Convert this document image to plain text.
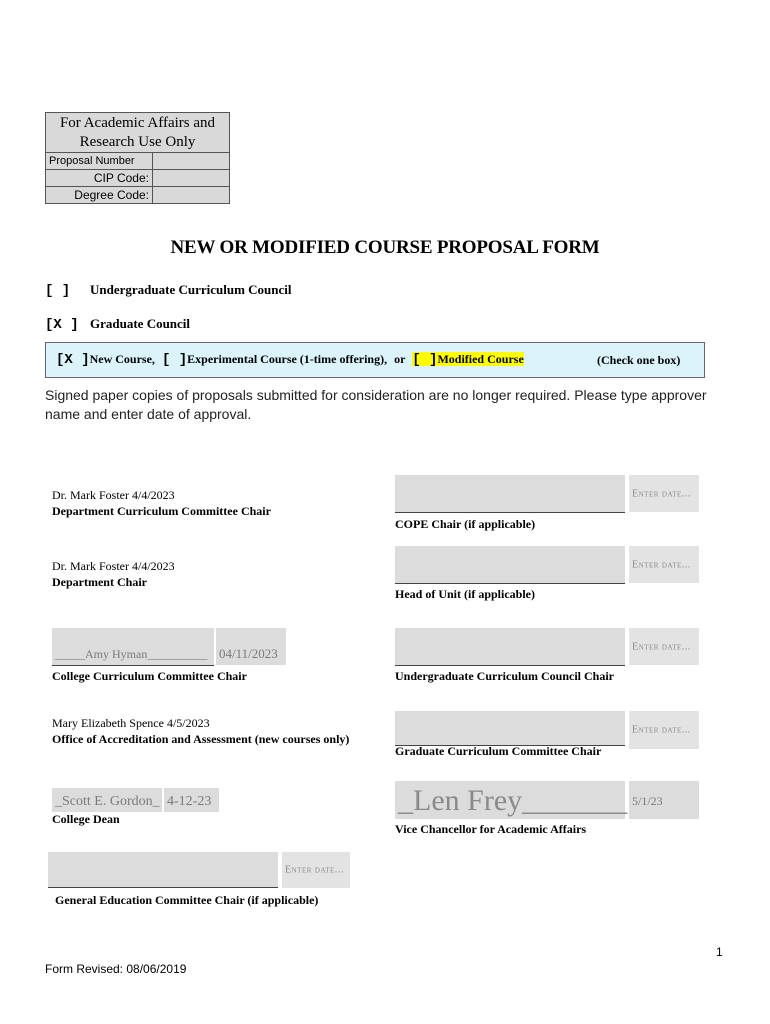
For Academic Affairs and Research Use Only	
Proposal Number	
CIP Code:	
Degree Code:	
NEW OR MODIFIED COURSE PROPOSAL FORM
[ ] Undergraduate Curriculum Council
[X ] Graduate Council
[X ]New Course, [ ]Experimental Course (1-time offering), or [ ]Modified Course	(Check one box)
Signed paper copies of proposals submitted for consideration are no longer required. Please type approver name and enter date of approval.
Dr. Mark Foster 4/4/2023
Department Curriculum Committee Chair
Dr. Mark Foster 4/4/2023
Department Chair
_____Amy Hyman__________ 04/11/2023
College Curriculum Committee Chair
Mary Elizabeth Spence 4/5/2023
Office of Accreditation and Assessment (new courses only)
_Scott E. Gordon_ 4-12-23
College Dean
Enter date...
General Education Committee Chair (if applicable)
Enter date...
COPE Chair (if applicable)
Enter date...
Head of Unit (if applicable)
Enter date...
Undergraduate Curriculum Council Chair
Enter date...
Graduate Curriculum Committee Chair
_Len Frey_______ 5/1/23
Vice Chancellor for Academic Affairs
1
Form Revised: 08/06/2019
